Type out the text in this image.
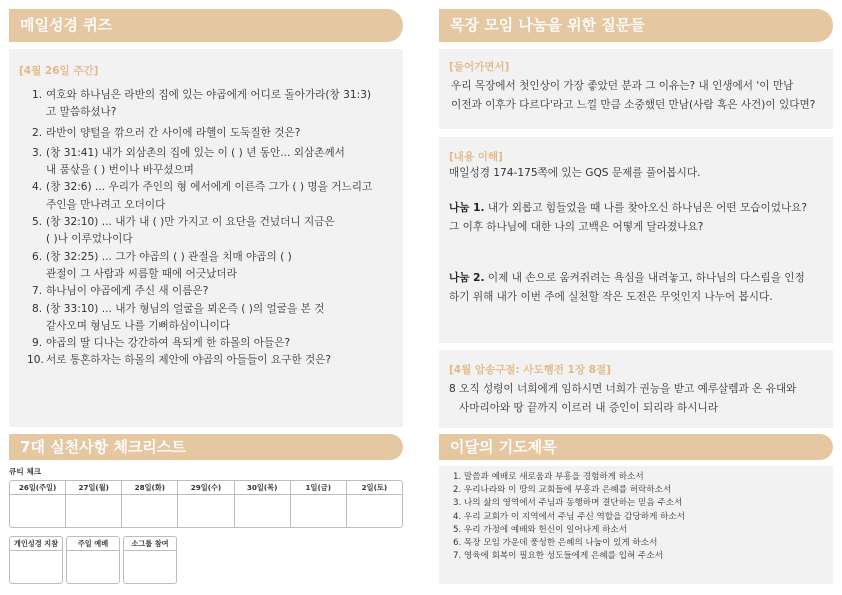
매일성경 퀴즈
[4월 26일 주간]
1. 여호와 하나님은 라반의 집에 있는 야곱에게 어디로 돌아가라(창 31:3)
고 말씀하셨나?
2. 라반이 양털을 깎으러 간 사이에 라헬이 도둑질한 것은?
3. (창 31:41) 내가 외삼촌의 집에 있는 이 ( ) 년 동안... 외삼촌께서
내 품삯을 ( ) 번이나 바꾸셨으며
4. (창 32:6) ... 우리가 주인의 형 에서에게 이른즉 그가 ( ) 명을 거느리고
주인을 만나려고 오더이다
5. (창 32:10) ... 내가 내 ( )만 가지고 이 요단을 건넜더니 지금은
( )나 이루었나이다
6. (창 32:25) ... 그가 야곱의 ( ) 관절을 치매 야곱의 ( )
관절이 그 사람과 씨름할 때에 어긋났더라
7. 하나님이 야곱에게 주신 새 이름은?
8. (창 33:10) ... 내가 형님의 얼굴을 뵈온즉 ( )의 얼굴을 본 것
같사오며 형님도 나를 기뻐하심이니이다
9. 야곱의 딸 디나는 강간하여 욕되게 한 하몰의 아들은?
10. 서로 통혼하자는 하몰의 제안에 야곱의 아들들이 요구한 것은?
7대 실천사항 체크리스트
큐티 체크
26일(주일)	27일(월)	28일(화)	29일(수)	30일(목)	1일(금)	2일(토)
개인성경 지참	주일 예배	소그룹 참여
목장 모임 나눔을 위한 질문들
[들어가면서]
우리 목장에서 첫인상이 가장 좋았던 분과 그 이유는? 내 인생에서 '이 만남
이전과 이후가 다르다'라고 느낄 만큼 소중했던 만남(사람 혹은 사건)이 있다면?
[내용 이해]
매일성경 174-175쪽에 있는 GQS 문제를 풀어봅시다.
나눔 1. 내가 외롭고 힘들었을 때 나를 찾아오신 하나님은 어떤 모습이었나요?
그 이후 하나님에 대한 나의 고백은 어떻게 달라졌나요?
나눔 2. 이제 내 손으로 움켜쥐려는 욕심을 내려놓고, 하나님의 다스림을 인정
하기 위해 내가 이번 주에 실천할 작은 도전은 무엇인지 나누어 봅시다.
[4월 암송구절: 사도행전 1장 8절]
8 오직 성령이 너희에게 임하시면 너희가 권능을 받고 예루살렘과 온 유대와
사마리아와 땅 끝까지 이르러 내 증인이 되리라 하시니라
이달의 기도제목
1. 말씀과 예배로 새로움과 부흥을 경험하게 하소서
2. 우리나라와 이 땅의 교회들에 부흥과 은혜를 허락하소서
3. 나의 삶의 영역에서 주님과 동행하며 결단하는 믿음 주소서
4. 우리 교회가 이 지역에서 주님 주신 역할을 감당하게 하소서
5. 우리 가정에 예배와 헌신이 일어나게 하소서
6. 목장 모임 가운데 풍성한 은혜의 나눔이 있게 하소서
7. 영육에 회복이 필요한 성도들에게 은혜를 입혀 주소서
